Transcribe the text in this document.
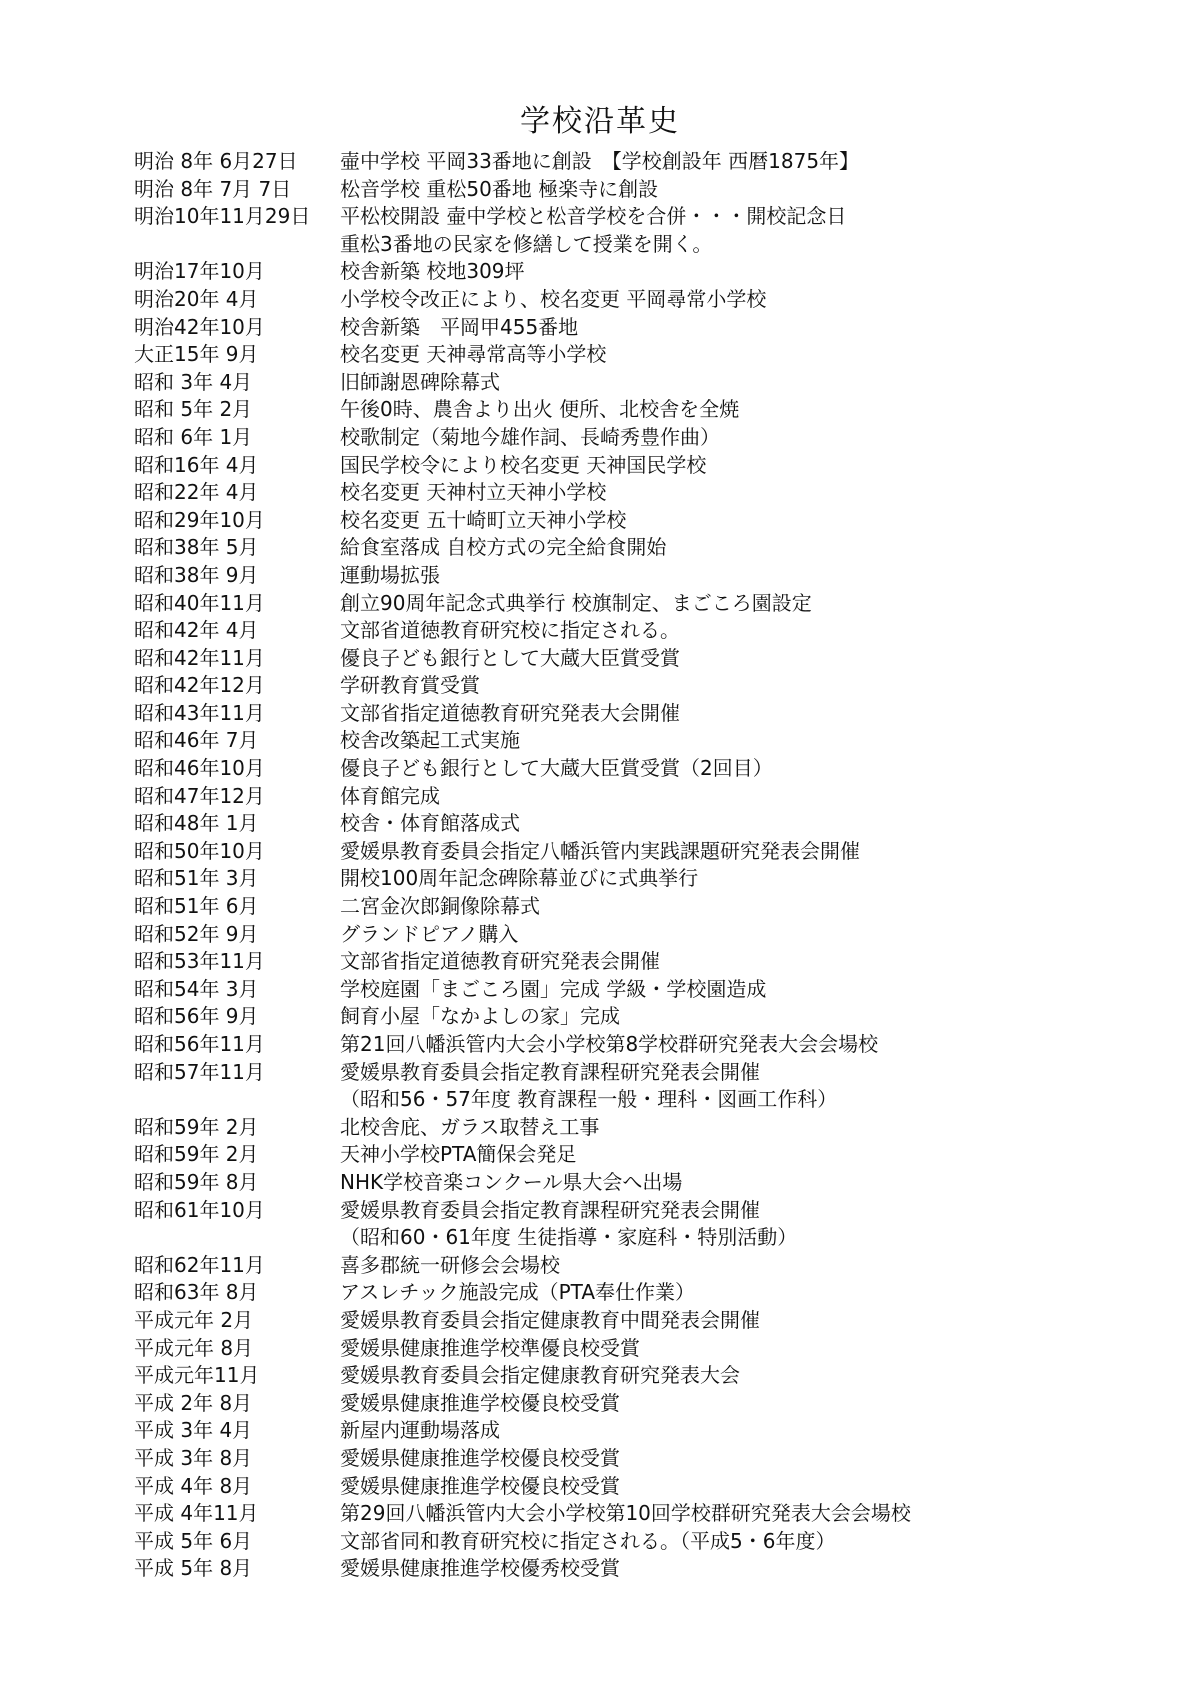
学校沿革史
明治 8年 6月27日	壷中学校 平岡33番地に創設　【学校創設年 西暦1875年】
明治 8年 7月 7日	松音学校 重松50番地 極楽寺に創設
明治10年11月29日	平松校開設 壷中学校と松音学校を合併・・・開校記念日
重松3番地の民家を修繕して授業を開く。
明治17年10月	校舎新築 校地309坪
明治20年 4月	小学校令改正により、校名変更 平岡尋常小学校
明治42年10月	校舎新築　平岡甲455番地
大正15年 9月	校名変更 天神尋常高等小学校
昭和 3年 4月	旧師謝恩碑除幕式
昭和 5年 2月	午後0時、農舎より出火 便所、北校舎を全焼
昭和 6年 1月	校歌制定（菊地今雄作詞、長崎秀豊作曲）
昭和16年 4月	国民学校令により校名変更 天神国民学校
昭和22年 4月	校名変更 天神村立天神小学校
昭和29年10月	校名変更 五十崎町立天神小学校
昭和38年 5月	給食室落成 自校方式の完全給食開始
昭和38年 9月	運動場拡張
昭和40年11月	創立90周年記念式典挙行 校旗制定、まごころ園設定
昭和42年 4月	文部省道徳教育研究校に指定される。
昭和42年11月	優良子ども銀行として大蔵大臣賞受賞
昭和42年12月	学研教育賞受賞
昭和43年11月	文部省指定道徳教育研究発表大会開催
昭和46年 7月	校舎改築起工式実施
昭和46年10月	優良子ども銀行として大蔵大臣賞受賞（2回目）
昭和47年12月	体育館完成
昭和48年 1月	校舎・体育館落成式
昭和50年10月	愛媛県教育委員会指定八幡浜管内実践課題研究発表会開催
昭和51年 3月	開校100周年記念碑除幕並びに式典挙行
昭和51年 6月	二宮金次郎銅像除幕式
昭和52年 9月	グランドピアノ購入
昭和53年11月	文部省指定道徳教育研究発表会開催
昭和54年 3月	学校庭園「まごころ園」完成 学級・学校園造成
昭和56年 9月	飼育小屋「なかよしの家」完成
昭和56年11月	第21回八幡浜管内大会小学校第8学校群研究発表大会会場校
昭和57年11月	愛媛県教育委員会指定教育課程研究発表会開催
（昭和56・57年度 教育課程一般・理科・図画工作科）
昭和59年 2月	北校舎庇、ガラス取替え工事
昭和59年 2月	天神小学校PTA簡保会発足
昭和59年 8月	NHK学校音楽コンクール県大会へ出場
昭和61年10月	愛媛県教育委員会指定教育課程研究発表会開催
（昭和60・61年度 生徒指導・家庭科・特別活動）
昭和62年11月	喜多郡統一研修会会場校
昭和63年 8月	アスレチック施設完成（PTA奉仕作業）
平成元年 2月	愛媛県教育委員会指定健康教育中間発表会開催
平成元年 8月	愛媛県健康推進学校準優良校受賞
平成元年11月	愛媛県教育委員会指定健康教育研究発表大会
平成 2年 8月	愛媛県健康推進学校優良校受賞
平成 3年 4月	新屋内運動場落成
平成 3年 8月	愛媛県健康推進学校優良校受賞
平成 4年 8月	愛媛県健康推進学校優良校受賞
平成 4年11月	第29回八幡浜管内大会小学校第10回学校群研究発表大会会場校
平成 5年 6月	文部省同和教育研究校に指定される。（平成5・6年度）
平成 5年 8月	愛媛県健康推進学校優秀校受賞
